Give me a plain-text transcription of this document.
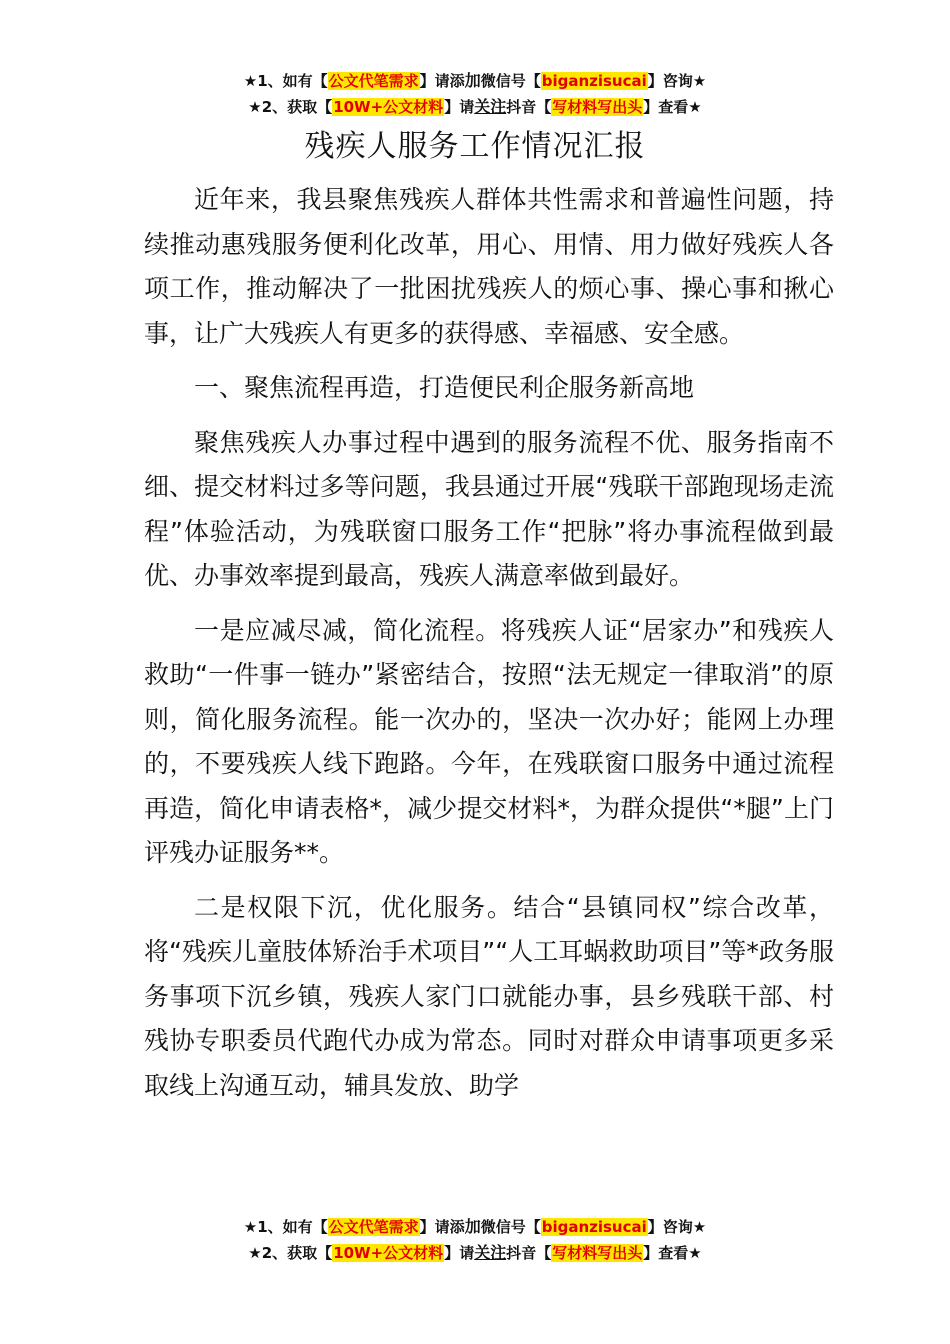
★1、如有【公文代笔需求】请添加微信号【biganzisucai】咨询★
★2、获取【10W+公文材料】请关注抖音【写材料写出头】查看★
残疾人服务工作情况汇报

近年来，我县聚焦残疾人群体共性需求和普遍性问题，持续推动惠残服务便利化改革，用心、用情、用力做好残疾人各项工作，推动解决了一批困扰残疾人的烦心事、操心事和揪心事，让广大残疾人有更多的获得感、幸福感、安全感。

一、聚焦流程再造，打造便民利企服务新高地

聚焦残疾人办事过程中遇到的服务流程不优、服务指南不细、提交材料过多等问题，我县通过开展“残联干部跑现场走流程”体验活动，为残联窗口服务工作“把脉”将办事流程做到最优、办事效率提到最高，残疾人满意率做到最好。

一是应减尽减，简化流程。将残疾人证“居家办”和残疾人救助“一件事一链办”紧密结合，按照“法无规定一律取消”的原则，简化服务流程。能一次办的，坚决一次办好；能网上办理的，不要残疾人线下跑路。今年，在残联窗口服务中通过流程再造，简化申请表格*，减少提交材料*，为群众提供“*腿”上门评残办证服务**。

二是权限下沉，优化服务。结合“县镇同权”综合改革，将“残疾儿童肢体矫治手术项目”“人工耳蜗救助项目”等*政务服务事项下沉乡镇，残疾人家门口就能办事，县乡残联干部、村残协专职委员代跑代办成为常态。同时对群众申请事项更多采取线上沟通互动，辅具发放、助学

★1、如有【公文代笔需求】请添加微信号【biganzisucai】咨询★
★2、获取【10W+公文材料】请关注抖音【写材料写出头】查看★
